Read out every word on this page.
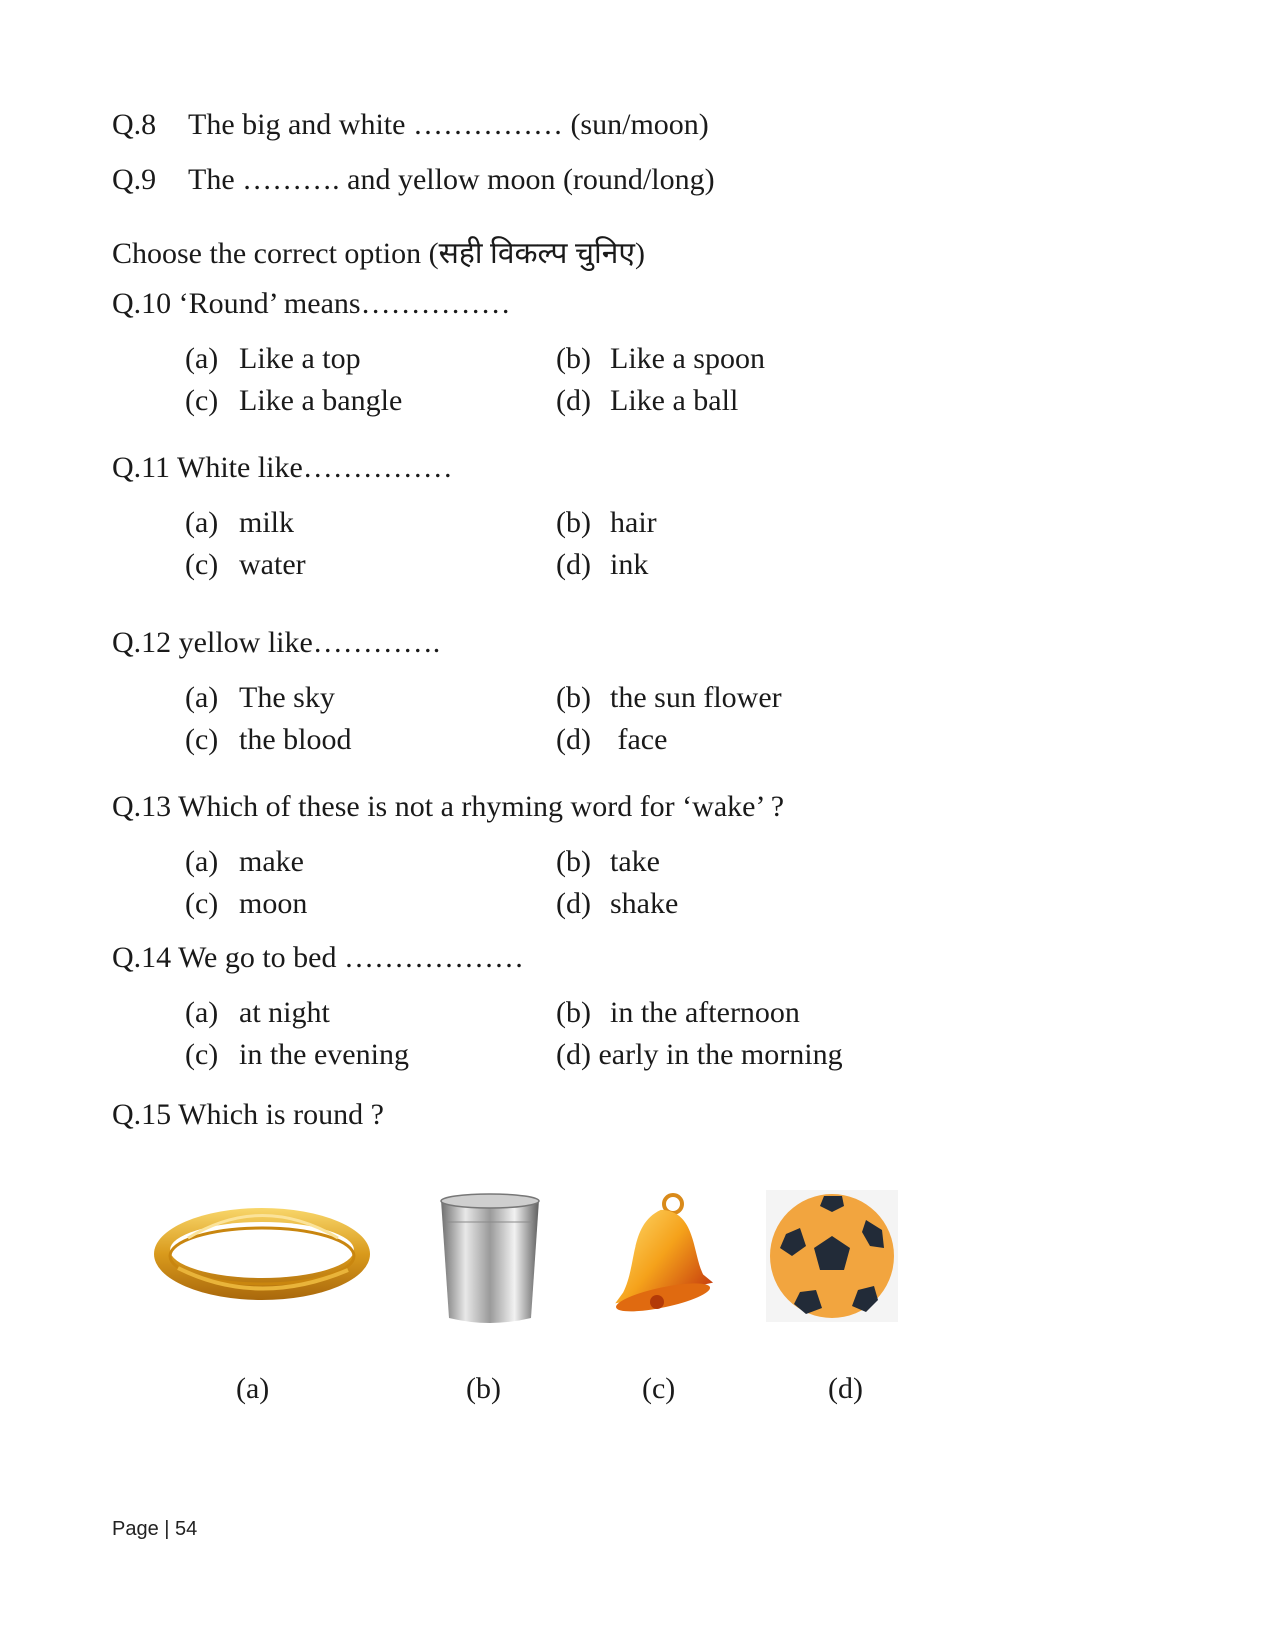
Q.8 The big and white …………… (sun/moon)
Q.9 The ………. and yellow moon (round/long)
Choose the correct option (सही विकल्प चुनिए)
Q.10 ‘Round’ means……………
(a) Like a top	(b) Like a spoon
(c) Like a bangle	(d) Like a ball
Q.11 White like……………
(a) milk	(b) hair
(c) water	(d) ink
Q.12 yellow like………….
(a) The sky	(b) the sun flower
(c) the blood	(d) face
Q.13 Which of these is not a rhyming word for ‘wake’ ?
(a) make	(b) take
(c) moon	(d) shake
Q.14 We go to bed ………………
(a) at night	(b) in the afternoon
(c) in the evening	(d) early in the morning
Q.15 Which is round ?
(a)	(b)	(c)	(d)
Page | 54
